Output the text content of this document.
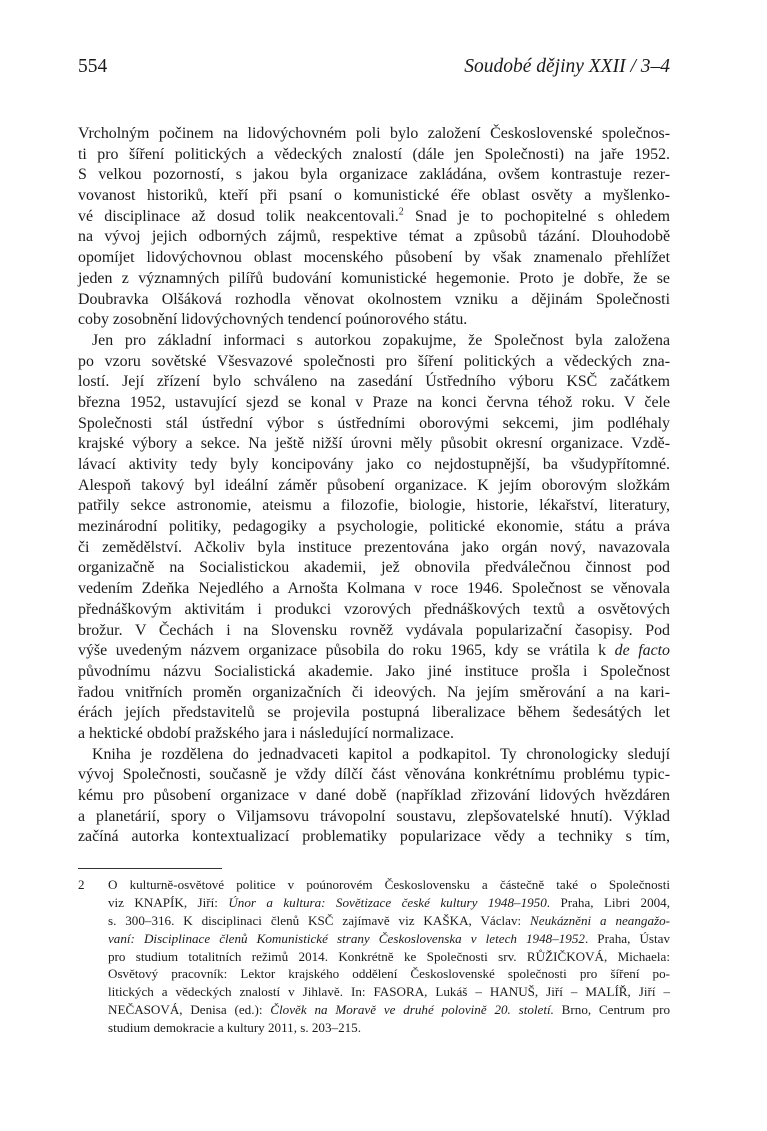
554	Soudobé dějiny XXII / 3–4
Vrcholným počinem na lidovýchovném poli bylo založení Československé společnos-
ti pro šíření politických a vědeckých znalostí (dále jen Společnosti) na jaře 1952.
S velkou pozorností, s jakou byla organizace zakládána, ovšem kontrastuje rezer-
vovanost historiků, kteří při psaní o komunistické éře oblast osvěty a myšlenko-
vé disciplinace až dosud tolik neakcentovali.$^2$ Snad je to pochopitelné s ohledem
na vývoj jejich odborných zájmů, respektive témat a způsobů tázání. Dlouhodobě
opomíjet lidovýchovnou oblast mocenského působení by však znamenalo přehlížet
jeden z významných pilířů budování komunistické hegemonie. Proto je dobře, že se
Doubravka Olšáková rozhodla věnovat okolnostem vzniku a dějinám Společnosti
coby zosobnění lidovýchovných tendencí poúnorového státu.
Jen pro základní informaci s autorkou zopakujme, že Společnost byla založena
po vzoru sovětské Všesvazové společnosti pro šíření politických a vědeckých zna-
lostí. Její zřízení bylo schváleno na zasedání Ústředního výboru KSČ začátkem
března 1952, ustavující sjezd se konal v Praze na konci června téhož roku. V čele
Společnosti stál ústřední výbor s ústředními oborovými sekcemi, jim podléhaly
krajské výbory a sekce. Na ještě nižší úrovni měly působit okresní organizace. Vzdě-
lávací aktivity tedy byly koncipovány jako co nejdostupnější, ba všudypřítomné.
Alespoň takový byl ideální záměr působení organizace. K jejím oborovým složkám
patřily sekce astronomie, ateismu a filozofie, biologie, historie, lékařství, literatury,
mezinárodní politiky, pedagogiky a psychologie, politické ekonomie, státu a práva
či zemědělství. Ačkoliv byla instituce prezentována jako orgán nový, navazovala
organizačně na Socialistickou akademii, jež obnovila předválečnou činnost pod
vedením Zdeňka Nejedlého a Arnošta Kolmana v roce 1946. Společnost se věnovala
přednáškovým aktivitám i produkci vzorových přednáškových textů a osvětových
brožur. V Čechách i na Slovensku rovněž vydávala popularizační časopisy. Pod
výše uvedeným názvem organizace působila do roku 1965, kdy se vrátila k de facto
původnímu názvu Socialistická akademie. Jako jiné instituce prošla i Společnost
řadou vnitřních proměn organizačních či ideových. Na jejím směrování a na kari-
érách jejích představitelů se projevila postupná liberalizace během šedesátých let
a hektické období pražského jara i následující normalizace.
Kniha je rozdělena do jednadvaceti kapitol a podkapitol. Ty chronologicky sledují
vývoj Společnosti, současně je vždy dílčí část věnována konkrétnímu problému typic-
kému pro působení organizace v dané době (například zřizování lidových hvězdáren
a planetárií, spory o Viljamsovu trávopolní soustavu, zlepšovatelské hnutí). Výklad
začíná autorka kontextualizací problematiky popularizace vědy a techniky s tím,
2 O kulturně-osvětové politice v poúnorovém Československu a částečně také o Společnosti
viz KNAPÍK, Jiří: Únor a kultura: Sovětizace české kultury 1948–1950. Praha, Libri 2004,
s. 300–316. K disciplinaci členů KSČ zajímavě viz KAŠKA, Václav: Neukázněni a neangažo-
vaní: Disciplinace členů Komunistické strany Československa v letech 1948–1952. Praha, Ústav
pro studium totalitních režimů 2014. Konkrétně ke Společnosti srv. RŮŽIČKOVÁ, Michaela:
Osvětový pracovník: Lektor krajského oddělení Československé společnosti pro šíření po-
litických a vědeckých znalostí v Jihlavě. In: FASORA, Lukáš – HANUŠ, Jiří – MALÍŘ, Jiří –
NEČASOVÁ, Denisa (ed.): Člověk na Moravě ve druhé polovině 20. století. Brno, Centrum pro
studium demokracie a kultury 2011, s. 203–215.
